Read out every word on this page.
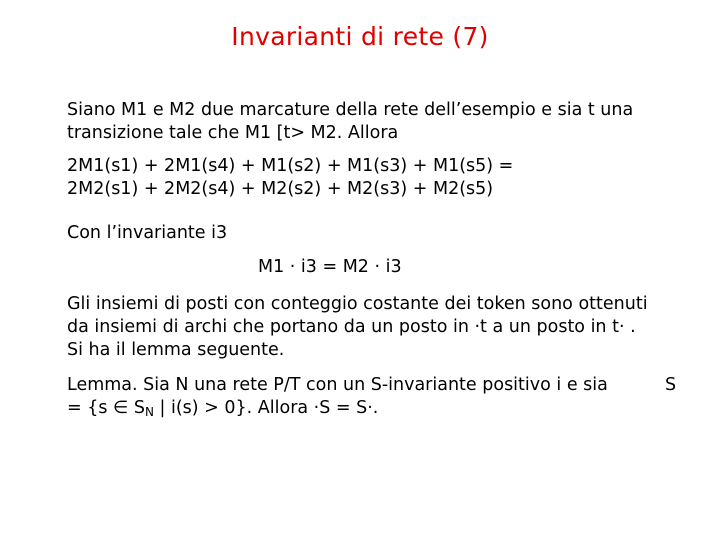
Invarianti di rete (7)
Siano M1 e M2 due marcature della rete dell’esempio e sia t una
transizione tale che M1 [t> M2. Allora
2M1(s1) + 2M1(s4) + M1(s2) + M1(s3) + M1(s5) =
2M2(s1) + 2M2(s4) + M2(s2) + M2(s3) + M2(s5)
Con l’invariante i3
M1 · i3 = M2 · i3
Gli insiemi di posti con conteggio costante dei token sono ottenuti
da insiemi di archi che portano da un posto in ·t a un posto in t· .
Si ha il lemma seguente.
Lemma. Sia N una rete P/T con un S-invariante positivo i e sia	S
= {s ∈ $S_N$ | i(s) > 0}. Allora ·S = S·.
